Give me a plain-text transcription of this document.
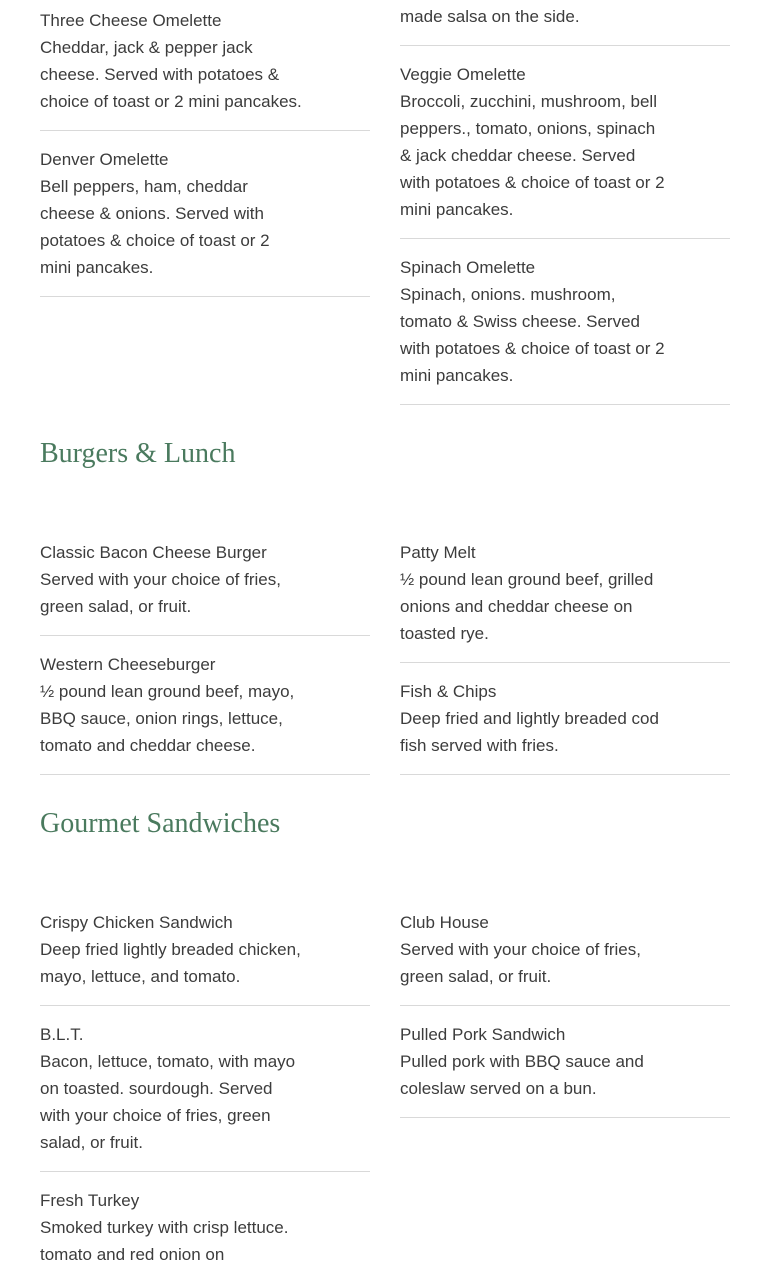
Three Cheese Omelette
Cheddar, jack & pepper jack cheese. Served with potatoes & choice of toast or 2 mini pancakes.
Denver Omelette
Bell peppers, ham, cheddar cheese & onions. Served with potatoes & choice of toast or 2 mini pancakes.
made salsa on the side.
Veggie Omelette
Broccoli, zucchini, mushroom, bell peppers., tomato, onions, spinach & jack cheddar cheese. Served with potatoes & choice of toast or 2 mini pancakes.
Spinach Omelette
Spinach, onions. mushroom, tomato & Swiss cheese. Served with potatoes & choice of toast or 2 mini pancakes.
Burgers & Lunch
Classic Bacon Cheese Burger
Served with your choice of fries, green salad, or fruit.
Western Cheeseburger
½ pound lean ground beef, mayo, BBQ sauce, onion rings, lettuce, tomato and cheddar cheese.
Patty Melt
½ pound lean ground beef, grilled onions and cheddar cheese on toasted rye.
Fish & Chips
Deep fried and lightly breaded cod fish served with fries.
Gourmet Sandwiches
Crispy Chicken Sandwich
Deep fried lightly breaded chicken, mayo, lettuce, and tomato.
B.L.T.
Bacon, lettuce, tomato, with mayo on toasted. sourdough. Served with your choice of fries, green salad, or fruit.
Fresh Turkey
Smoked turkey with crisp lettuce. tomato and red onion on
Club House
Served with your choice of fries, green salad, or fruit.
Pulled Pork Sandwich
Pulled pork with BBQ sauce and coleslaw served on a bun.
